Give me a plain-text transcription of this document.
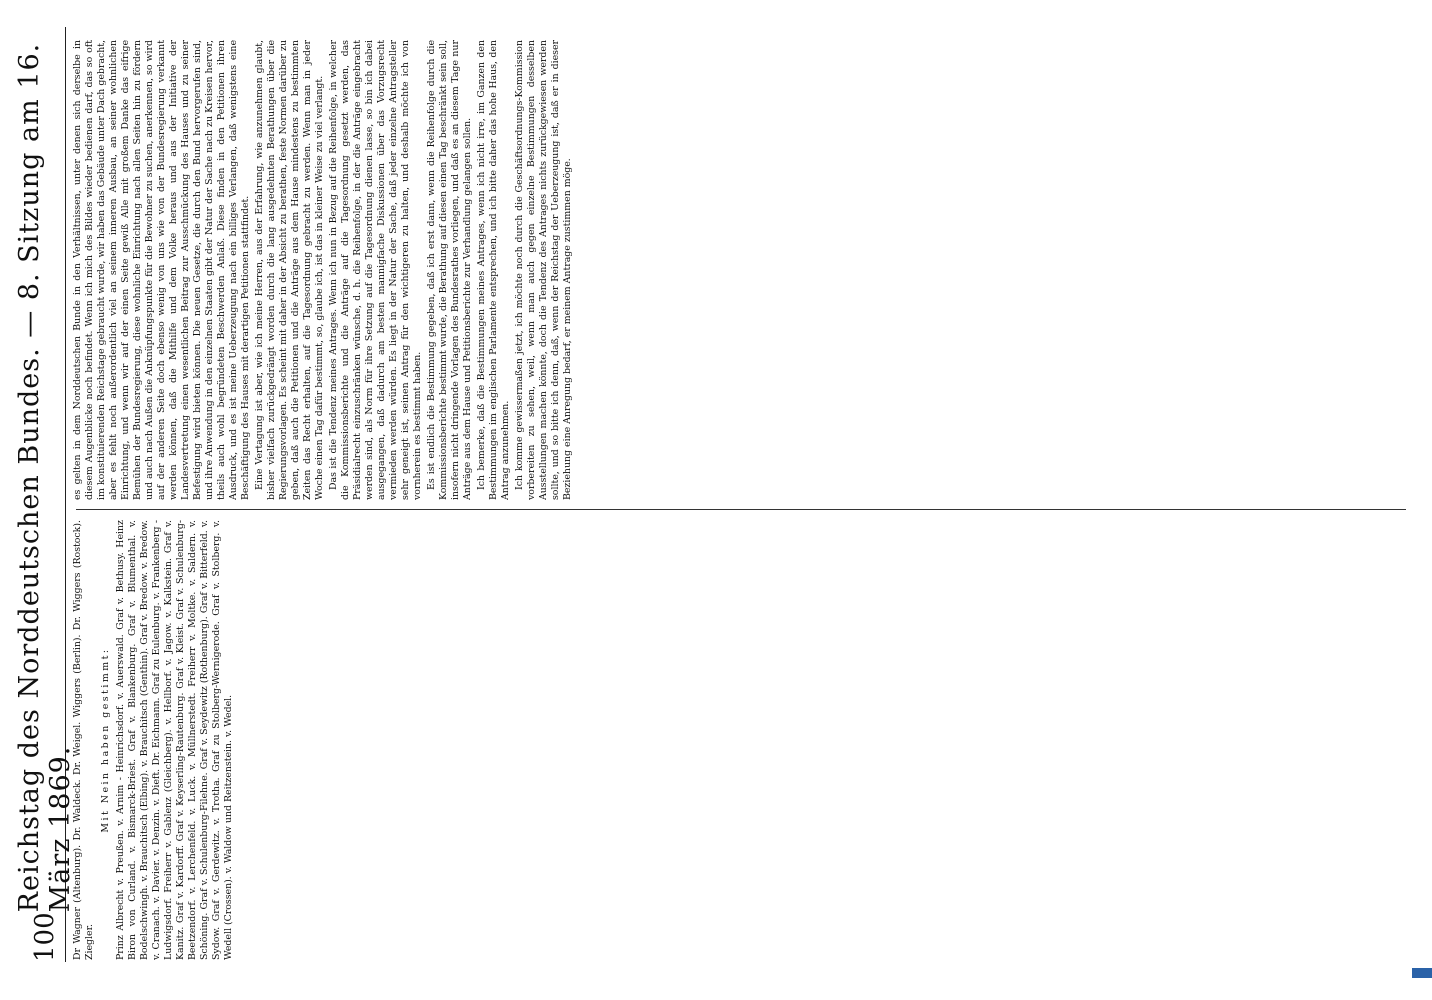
100
Reichstag des Norddeutschen Bundes. — 8. Sitzung am 16. März 1869.

Dr Wagner (Altenburg). Dr. Waldeck. Dr. Weigel. Wiggers (Berlin). Dr. Wiggers (Rostock). Ziegler.

Mit Nein haben gestimmt: Prinz Albrecht v. Preußen. v. Arnim - Heinrichsdorf. v. Auerswald. Graf v. Bethusy. Heinz Biron von Curland. v. Bismarck-Briest. Graf v. Blankenburg. Graf v. Blumenthal. v. Bodelschwingh. v. Brauchitsch (Elbing). v. Brauchitsch (Genthin). Graf v. Bredow. v. Bredow. v. Cranach. v. Davier. v. Denzin. v. Dieft. Dr. Eichmann. Graf zu Eulenburg. v. Frankenberg - Ludwigsdorf. Freiherr v. Gablenz (Gleichberg). v. Hellborf. v. Jagow. v. Kalkstein. Graf v. Kanitz. Graf v. Kardorff. Graf v. Keyserling-Rautenburg. Graf v. Kleist. Graf v. Schulenburg-Beetzendorf. v. Lerchenfeld. v. Luck. v. Müllnerstedt. Freiherr v. Moltke. v. Saldern. v. Schöning. Graf v. Schulenburg-Filehne. Graf v. Seydewitz (Rothenburg). Graf v. Bitterfeld. v. Sydow. Graf v. Gerdewitz. v. Trotha. Graf zu Stolberg-Wernigerode. Graf v. Stolberg. v. Wedell (Crossen). v. Waldow und Reitzenstein. v. Wedel.

es gelten in dem Norddeutschen Bunde in den Verhältnissen, unter denen sich derselbe in diesem Augenblicke noch befindet. Wenn ich mich des Bildes wieder bedienen darf, das so oft im konstituierenden Reichstage gebraucht wurde, wir haben das Gebäude unter Dach gebracht, aber es fehlt noch außerordentlich viel an seinem inneren Ausbau, an seiner wohnlichen Einrichtung, und wenn wir auf der einen Seite gewiß Alle mit großem Danke das eifrige Bemühen der Bundesregierung, diese wohnliche Einrichtung nach allen Seiten hin zu fördern und auch nach Außen die Anknüpfungspunkte für die Bewohner zu suchen, anerkennen, so wird auf der anderen Seite doch ebenso wenig von uns wie von der Bundesregierung verkannt werden können, daß die Mithilfe und dem Volke heraus und aus der Initiative der Landesvertretung einen wesentlichen Beitrag zur Ausschmückung des Hauses und zu seiner Befestigung wird bieten können. Die neuen Gesetze, die durch den Bund hervorgerufen sind, und ihre Anwendung in den einzelnen Staaten gibt der Natur der Sache nach zu Kreisen hervor, theils auch wohl begründeten Beschwerden Anlaß. Diese finden in den Petitionen ihren Ausdruck, und es ist meine Ueberzeugung nach ein billiges Verlangen, daß wenigstens eine Beschäftigung des Hauses mit derartigen Petitionen stattfindet. Eine Vertagung ist aber, wie ich meine Herren, aus der Erfahrung, wie anzunehmen glaubt, bisher vielfach zurückgedrängt worden durch die lang ausgedehnten Berathungen über die Regierungsvorlagen. Es scheint mit daher in der Absicht zu berathen, feste Normen darüber zu geben, daß auch die Petitionen und die Anträge aus dem Hause mindestens zu bestimmten Zeiten das Recht erhalten, auf die Tagesordnung gebracht zu werden. Wenn man in jeder Woche einen Tag dafür bestimmt, so, glaube ich, ist das in kleiner Weise zu viel verlangt. Das ist die Tendenz meines Antrages. Wenn ich nun in Bezug auf die Reihenfolge, in welcher die Kommissionsberichte und die Anträge auf die Tagesordnung gesetzt werden, das Präsidialrecht einzuschränken wünsche, d. h. die Reihenfolge, in der die Anträge eingebracht werden sind, als Norm für ihre Setzung auf die Tagesordnung dienen lasse, so bin ich dabei ausgegangen, daß dadurch am besten mannigfache Diskussionen über das Vorzugsrecht vermieden werden würden. Es liegt in der Natur der Sache, daß jeder einzelne Antragsteller sehr geneigt ist, seinen Antrag für den wichtigeren zu halten, und deshalb möchte ich von vornherein es bestimmt haben. Es ist endlich die Bestimmung gegeben, daß ich erst dann, wenn die Reihenfolge durch die Kommissionsberichte bestimmt wurde, die Berathung auf diesen einen Tag beschränkt sein soll, insofern nicht dringende Vorlagen des Bundesrathes vorliegen, und daß es an diesem Tage nur Anträge aus dem Hause und Petitionsberichte zur Verhandlung gelangen sollen. Ich bemerke, daß die Bestimmungen meines Antrages, wenn ich nicht irre, im Ganzen den Bestimmungen im englischen Parlamente entsprechen, und ich bitte daher das hohe Haus, den Antrag anzunehmen. Ich komme gewissermaßen jetzt, ich möchte noch durch die Geschäftsordnungs-Kommission vorbereiten zu sehen, weil, wenn man auch gegen einzelne Bestimmungen desselben Ausstellungen machen könnte, doch die Tendenz des Antrages nichts zurückgewiesen werden sollte, und so bitte ich denn, daß, wenn der Reichstag der Ueberzeugung ist, daß er in dieser Beziehung eine Anregung bedarf, er meinem Antrage zustimmen möge.
